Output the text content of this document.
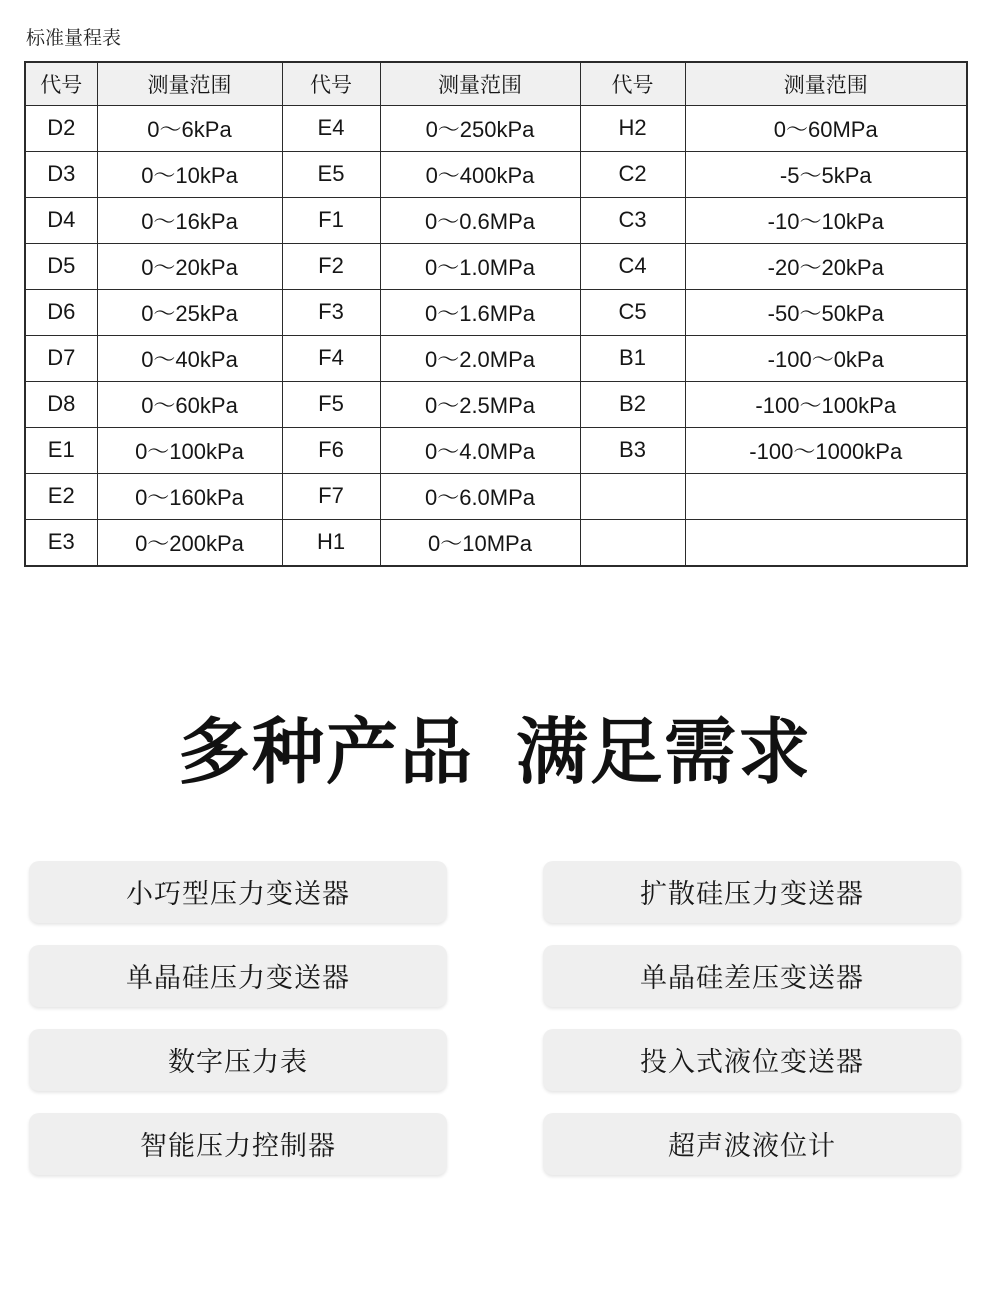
标准量程表
代号	测量范围	代号	测量范围	代号	测量范围
D2	0～6kPa	E4	0～250kPa	H2	0～60MPa
D3	0～10kPa	E5	0～400kPa	C2	-5～5kPa
D4	0～16kPa	F1	0～0.6MPa	C3	-10～10kPa
D5	0～20kPa	F2	0～1.0MPa	C4	-20～20kPa
D6	0～25kPa	F3	0～1.6MPa	C5	-50～50kPa
D7	0～40kPa	F4	0～2.0MPa	B1	-100～0kPa
D8	0～60kPa	F5	0～2.5MPa	B2	-100～100kPa
E1	0～100kPa	F6	0～4.0MPa	B3	-100～1000kPa
E2	0～160kPa	F7	0～6.0MPa		
E3	0～200kPa	H1	0～10MPa		
多种产品 满足需求
小巧型压力变送器	扩散硅压力变送器
单晶硅压力变送器	单晶硅差压变送器
数字压力表	投入式液位变送器
智能压力控制器	超声波液位计
